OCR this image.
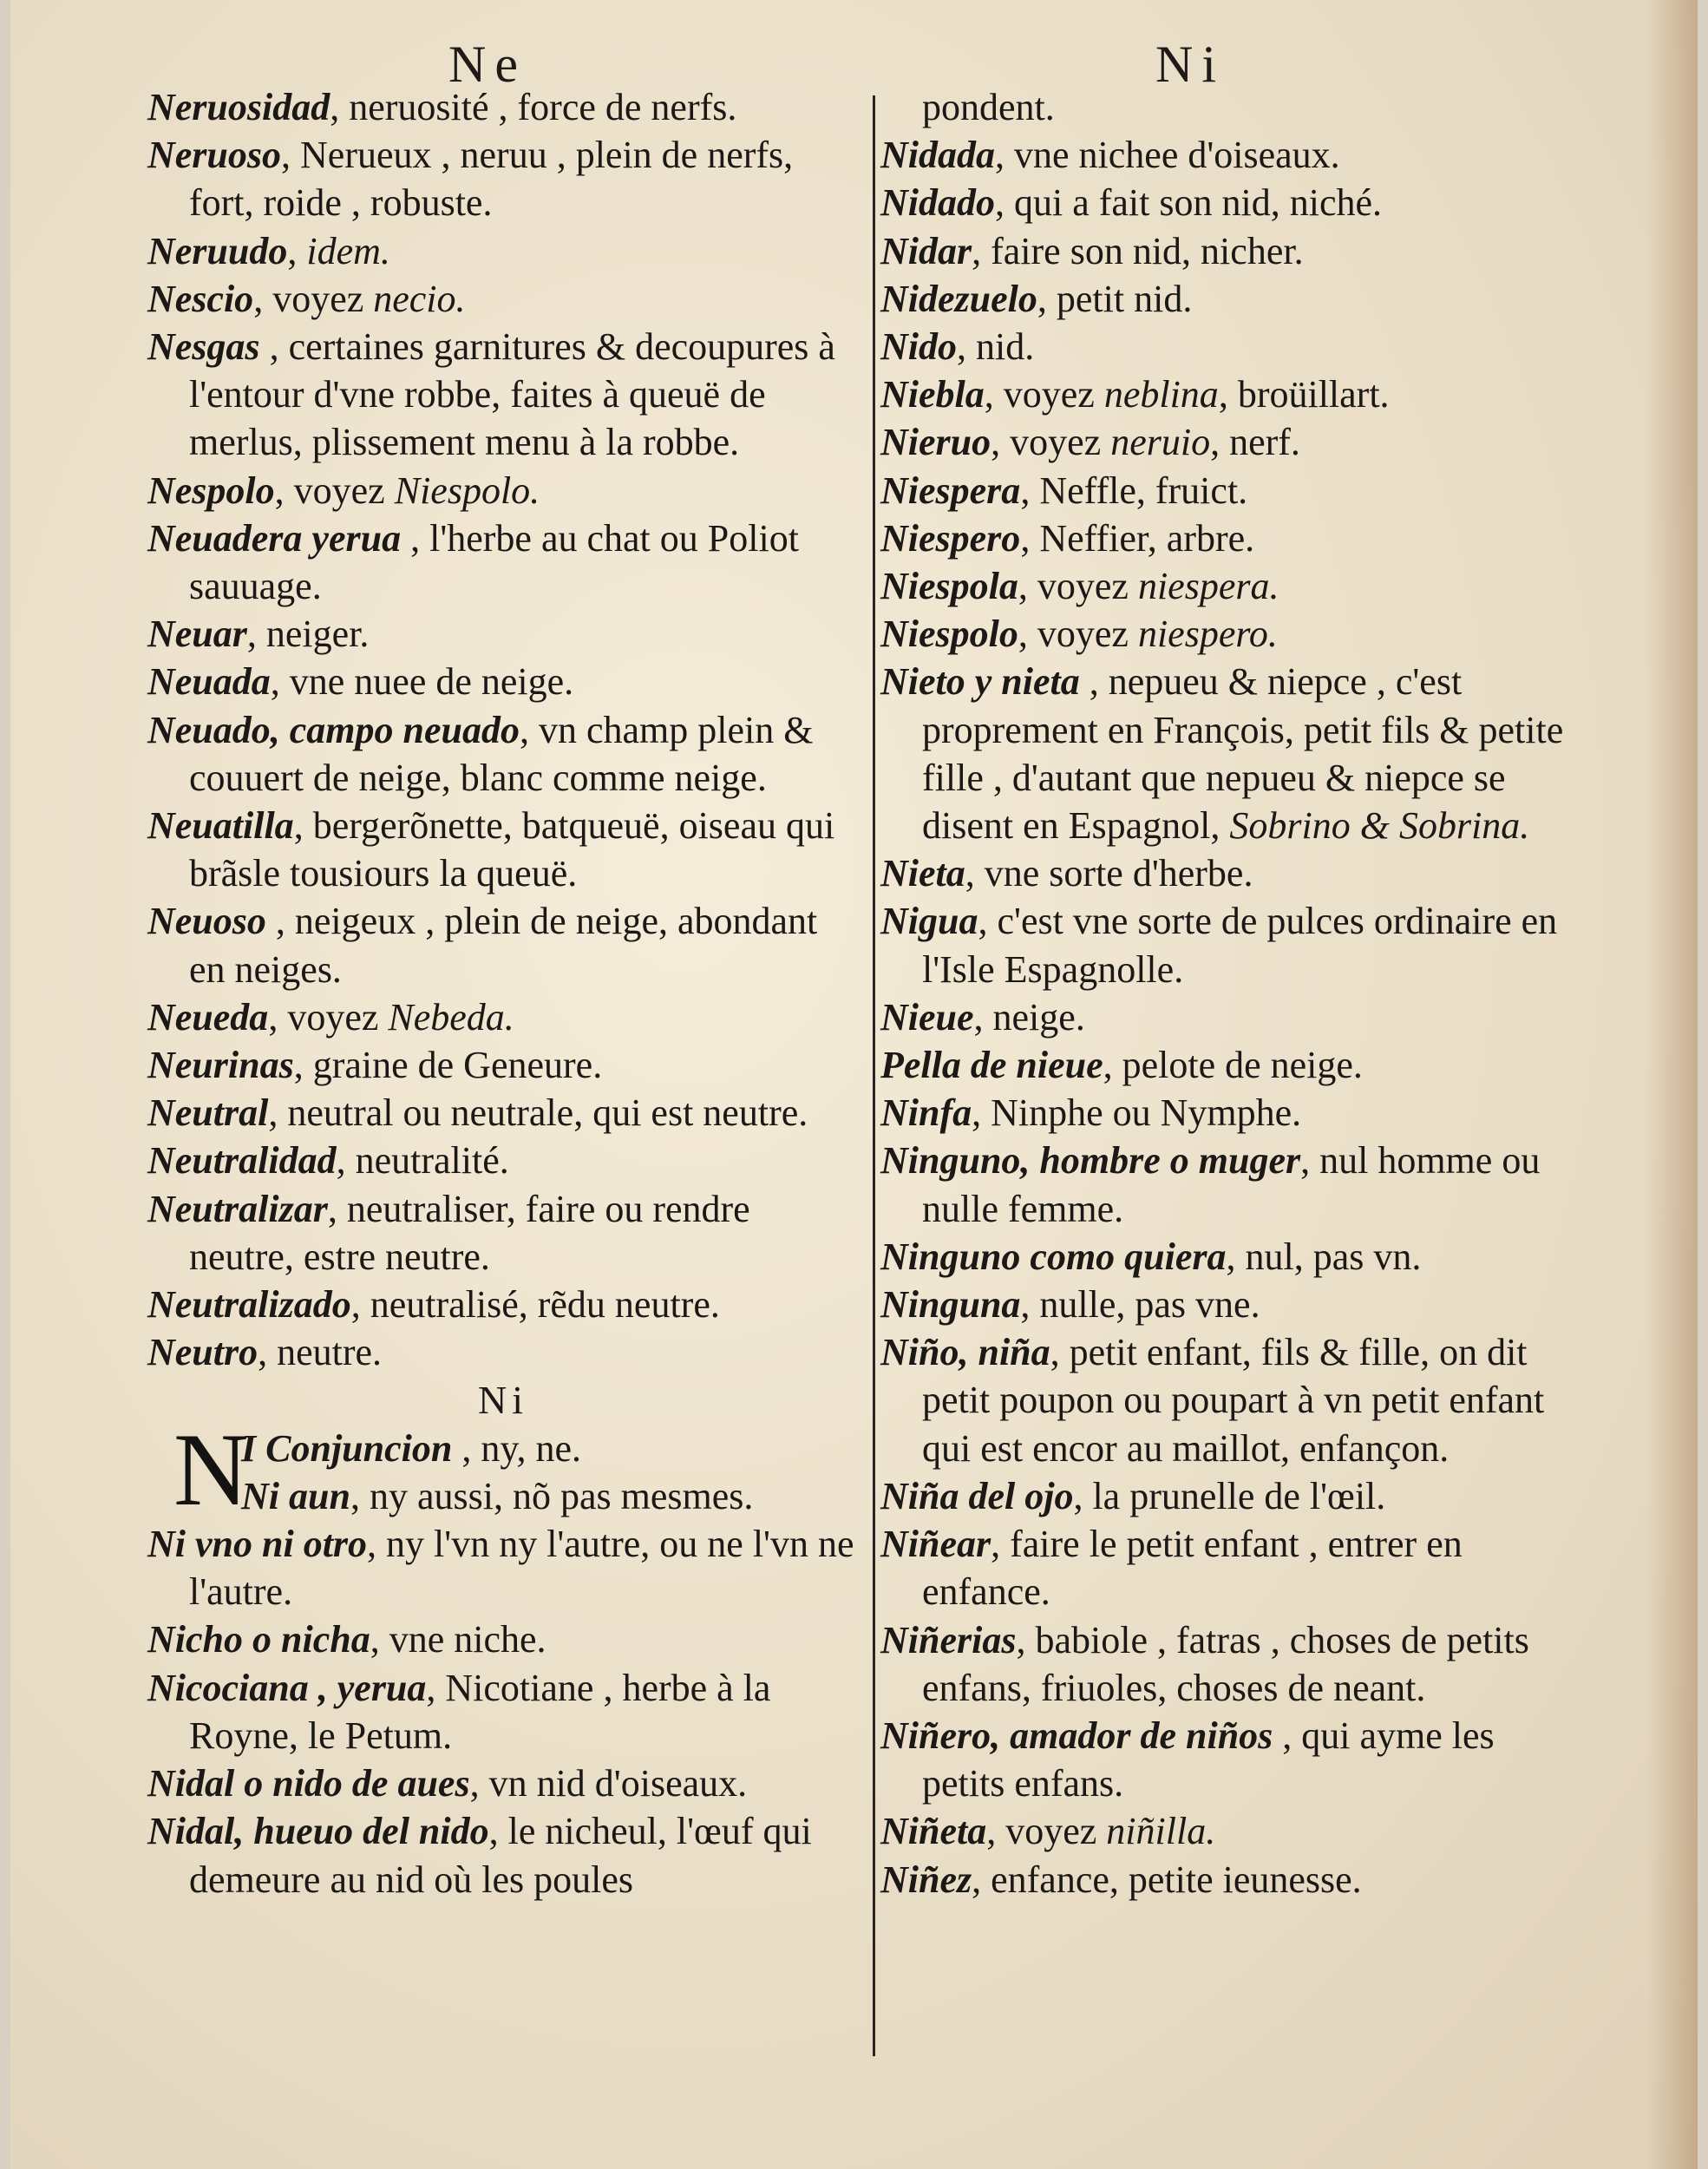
Ne	Ni
Neruosidad, neruosité , force de nerfs.
Neruoso, Nerueux , neruu , plein de nerfs, fort, roide , robuste.
Neruudo, idem.
Nescio, voyez necio.
Nesgas , certaines garnitures & decoupures à l'entour d'vne robbe, faites à queuë de merlus, plissement menu à la robbe.
Nespolo, voyez Niespolo.
Neuadera yerua , l'herbe au chat ou Poliot sauuage.
Neuar, neiger.
Neuada, vne nuee de neige.
Neuado, campo neuado, vn champ plein & couuert de neige, blanc comme neige.
Neuatilla, bergerõnette, batqueuë, oiseau qui brãsle tousiours la queuë.
Neuoso , neigeux , plein de neige, abondant en neiges.
Neueda, voyez Nebeda.
Neurinas, graine de Geneure.
Neutral, neutral ou neutrale, qui est neutre.
Neutralidad, neutralité.
Neutralizar, neutraliser, faire ou rendre neutre, estre neutre.
Neutralizado, neutralisé, rẽdu neutre.
Neutro, neutre.
Ni
N
I Conjuncion , ny, ne.
Ni aun, ny aussi, nõ pas mesmes.
Ni vno ni otro, ny l'vn ny l'autre, ou ne l'vn ne l'autre.
Nicho o nicha, vne niche.
Nicociana , yerua, Nicotiane , herbe à la Royne, le Petum.
Nidal o nido de aues, vn nid d'oiseaux.
Nidal, hueuo del nido, le nicheul, l'œuf qui demeure au nid où les poules
pondent.
Nidada, vne nichee d'oiseaux.
Nidado, qui a fait son nid, niché.
Nidar, faire son nid, nicher.
Nidezuelo, petit nid.
Nido, nid.
Niebla, voyez neblina, broüillart.
Nieruo, voyez neruio, nerf.
Niespera, Neffle, fruict.
Niespero, Neffier, arbre.
Niespola, voyez niespera.
Niespolo, voyez niespero.
Nieto y nieta , nepueu & niepce , c'est proprement en François, petit fils & petite fille , d'autant que nepueu & niepce se disent en Espagnol, Sobrino & Sobrina.
Nieta, vne sorte d'herbe.
Nigua, c'est vne sorte de pulces ordinaire en l'Isle Espagnolle.
Nieue, neige.
Pella de nieue, pelote de neige.
Ninfa, Ninphe ou Nymphe.
Ninguno, hombre o muger, nul homme ou nulle femme.
Ninguno como quiera, nul, pas vn.
Ninguna, nulle, pas vne.
Niño, niña, petit enfant, fils & fille, on dit petit poupon ou poupart à vn petit enfant qui est encor au maillot, enfançon.
Niña del ojo, la prunelle de l'œil.
Niñear, faire le petit enfant , entrer en enfance.
Niñerias, babiole , fatras , choses de petits enfans, friuoles, choses de neant.
Niñero, amador de niños , qui ayme les petits enfans.
Niñeta, voyez niñilla.
Niñez, enfance, petite ieunesse.
